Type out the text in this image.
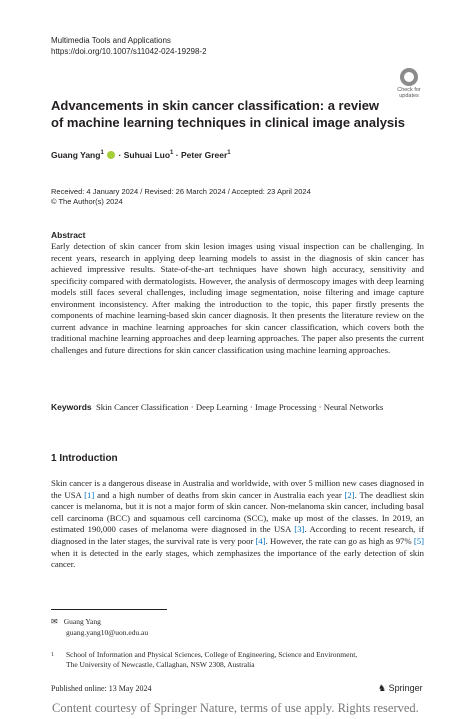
Multimedia Tools and Applications
https://doi.org/10.1007/s11042-024-19298-2
Check for
updates
Advancements in skin cancer classification: a review
of machine learning techniques in clinical image analysis
Guang Yang$^1$ · Suhuai Luo$^1$ · Peter Greer$^1$
Received: 4 January 2024 / Revised: 26 March 2024 / Accepted: 23 April 2024
© The Author(s) 2024
Abstract
Early detection of skin cancer from skin lesion images using visual inspection can be challenging. In recent years, research in applying deep learning models to assist in the diagnosis of skin cancer has achieved impressive results. State-of-the-art techniques have shown high accuracy, sensitivity and specificity compared with dermatologists. However, the analysis of dermoscopy images with deep learning models still faces several challenges, including image segmentation, noise filtering and image capture environment inconsistency. After making the introduction to the topic, this paper firstly presents the components of machine learning-based skin cancer diagnosis. It then presents the literature review on the current advance in machine learning approaches for skin cancer classification, which covers both the traditional machine learning approaches and deep learning approaches. The paper also presents the current challenges and future directions for skin cancer classification using machine learning approaches.
Keywords Skin Cancer Classification · Deep Learning · Image Processing · Neural Networks
1 Introduction
Skin cancer is a dangerous disease in Australia and worldwide, with over 5 million new cases diagnosed in the USA [1] and a high number of deaths from skin cancer in Australia each year [2]. The deadliest skin cancer is melanoma, but it is not a major form of skin cancer. Non-melanoma skin cancer, including basal cell carcinoma (BCC) and squamous cell carcinoma (SCC), make up most of the classes. In 2019, an estimated 190,000 cases of melanoma were diagnosed in the USA [3]. According to recent research, if diagnosed in the later stages, the survival rate is very poor [4]. However, the rate can go as high as 97% [5] when it is detected in the early stages, which zemphasizes the importance of the early detection of skin cancer.
✉ Guang Yang
guang.yang10@uon.edu.au
1	School of Information and Physical Sciences, College of Engineering, Science and Environment,
The University of Newcastle, Callaghan, NSW 2308, Australia
Published online: 13 May 2024	♞ Springer
Content courtesy of Springer Nature, terms of use apply. Rights reserved.
